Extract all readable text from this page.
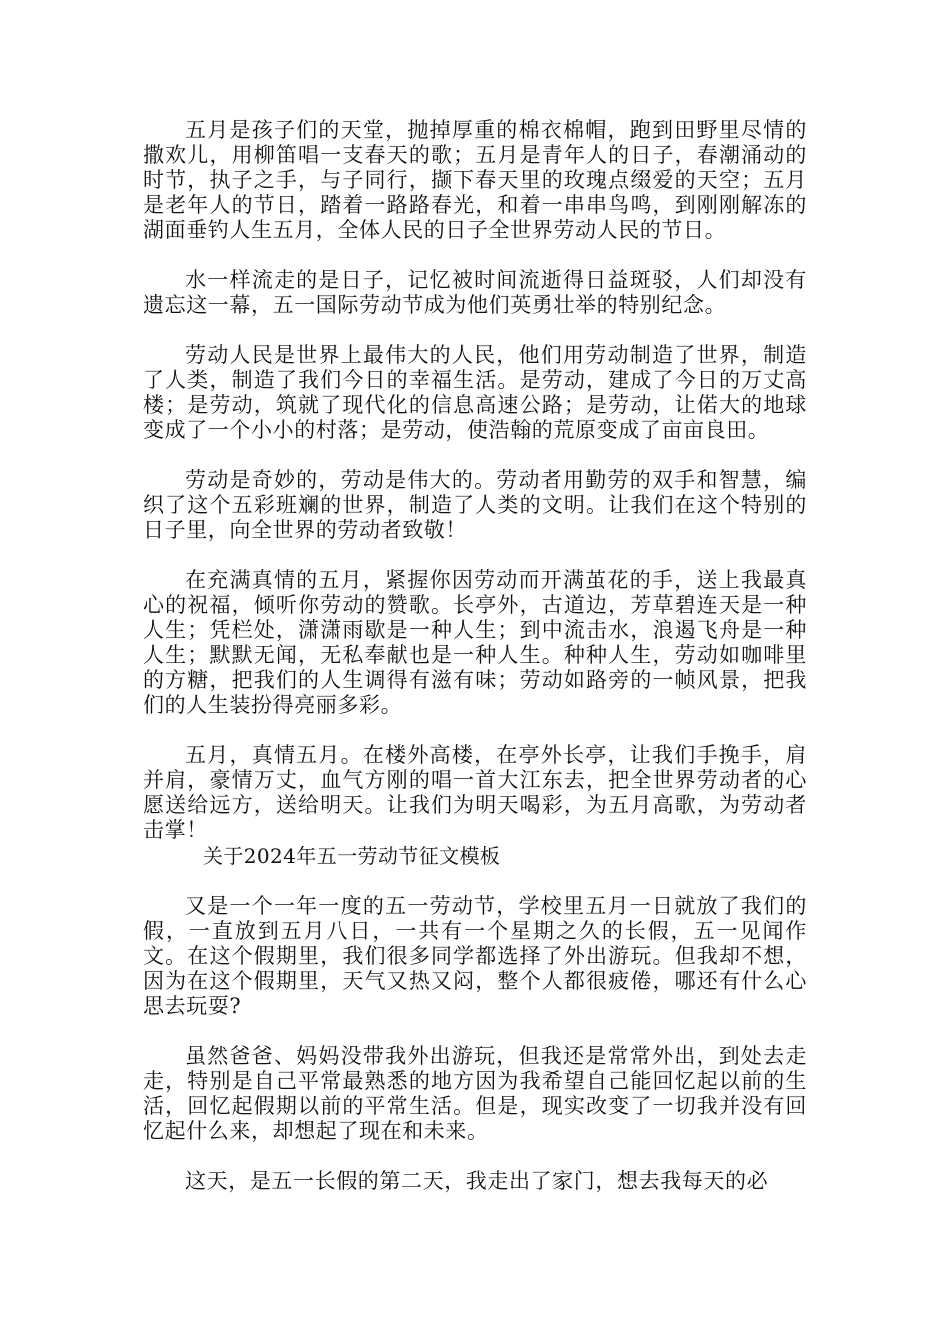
五月是孩子们的天堂，抛掉厚重的棉衣棉帽，跑到田野里尽情的撒欢儿，用柳笛唱一支春天的歌；五月是青年人的日子，春潮涌动的时节，执子之手，与子同行，撷下春天里的玫瑰点缀爱的天空；五月是老年人的节日，踏着一路路春光，和着一串串鸟鸣，到刚刚解冻的湖面垂钓人生五月，全体人民的日子全世界劳动人民的节日。

水一样流走的是日子，记忆被时间流逝得日益斑驳，人们却没有遗忘这一幕，五一国际劳动节成为他们英勇壮举的特别纪念。

劳动人民是世界上最伟大的人民，他们用劳动制造了世界，制造了人类，制造了我们今日的幸福生活。是劳动，建成了今日的万丈高楼；是劳动，筑就了现代化的信息高速公路；是劳动，让偌大的地球变成了一个小小的村落；是劳动，使浩翰的荒原变成了亩亩良田。

劳动是奇妙的，劳动是伟大的。劳动者用勤劳的双手和智慧，编织了这个五彩班斓的世界，制造了人类的文明。让我们在这个特别的日子里，向全世界的劳动者致敬！

在充满真情的五月，紧握你因劳动而开满茧花的手，送上我最真心的祝福，倾听你劳动的赞歌。长亭外，古道边，芳草碧连天是一种人生；凭栏处，潇潇雨歇是一种人生；到中流击水，浪遏飞舟是一种人生；默默无闻，无私奉献也是一种人生。种种人生，劳动如咖啡里的方糖，把我们的人生调得有滋有味；劳动如路旁的一帧风景，把我们的人生装扮得亮丽多彩。

五月，真情五月。在楼外高楼，在亭外长亭，让我们手挽手，肩并肩，豪情万丈，血气方刚的唱一首大江东去，把全世界劳动者的心愿送给远方，送给明天。让我们为明天喝彩，为五月高歌，为劳动者击掌！

关于2024年五一劳动节征文模板

又是一个一年一度的五一劳动节，学校里五月一日就放了我们的假，一直放到五月八日，一共有一个星期之久的长假，五一见闻作文。在这个假期里，我们很多同学都选择了外出游玩。但我却不想，因为在这个假期里，天气又热又闷，整个人都很疲倦，哪还有什么心思去玩耍?

虽然爸爸、妈妈没带我外出游玩，但我还是常常外出，到处去走走，特别是自己平常最熟悉的地方因为我希望自己能回忆起以前的生活，回忆起假期以前的平常生活。但是，现实改变了一切我并没有回忆起什么来，却想起了现在和未来。

这天，是五一长假的第二天，我走出了家门，想去我每天的必
